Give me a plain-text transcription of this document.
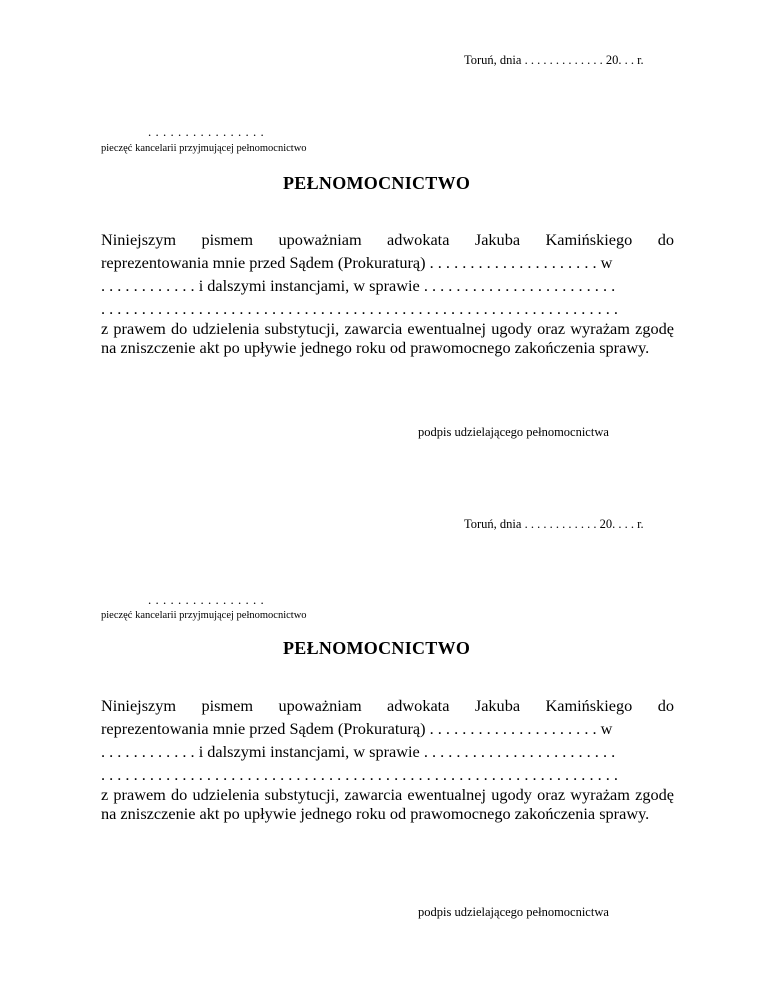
Toruń, dnia . . . . . . . . . . . . . 20. . . r.
. . . . . . . . . . . . . . . .
pieczęć kancelarii przyjmującej pełnomocnictwo
PEŁNOMOCNICTWO
Niniejszym pismem upoważniam adwokata Jakuba Kamińskiego do
reprezentowania mnie przed Sądem (Prokuraturą) . . . . . . . . . . . . . . . . . . . . . w
. . . . . . . . . . . . i dalszymi instancjami, w sprawie . . . . . . . . . . . . . . . . . . . . . . . .
. . . . . . . . . . . . . . . . . . . . . . . . . . . . . . . . . . . . . . . . . . . . . . . . . . . . . . . . . . . . . . . .
z prawem do udzielenia substytucji, zawarcia ewentualnej ugody oraz wyrażam zgodę na zniszczenie akt po upływie jednego roku od prawomocnego zakończenia sprawy.
podpis udzielającego pełnomocnictwa
Toruń, dnia . . . . . . . . . . . . 20. . . . r.
. . . . . . . . . . . . . . . .
pieczęć kancelarii przyjmującej pełnomocnictwo
PEŁNOMOCNICTWO
Niniejszym pismem upoważniam adwokata Jakuba Kamińskiego do
reprezentowania mnie przed Sądem (Prokuraturą) . . . . . . . . . . . . . . . . . . . . . w
. . . . . . . . . . . . i dalszymi instancjami, w sprawie . . . . . . . . . . . . . . . . . . . . . . . .
. . . . . . . . . . . . . . . . . . . . . . . . . . . . . . . . . . . . . . . . . . . . . . . . . . . . . . . . . . . . . . . .
z prawem do udzielenia substytucji, zawarcia ewentualnej ugody oraz wyrażam zgodę na zniszczenie akt po upływie jednego roku od prawomocnego zakończenia sprawy.
podpis udzielającego pełnomocnictwa
